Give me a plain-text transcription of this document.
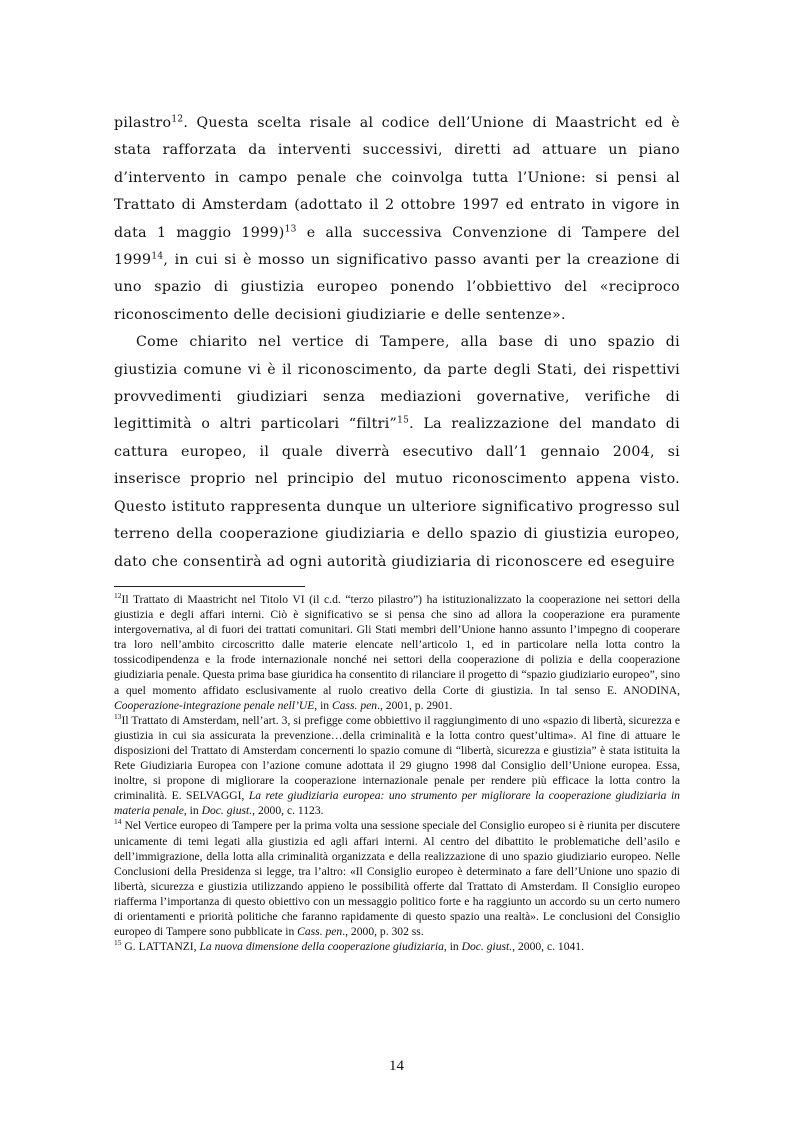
pilastro$^{12}$. Questa scelta risale al codice dell’Unione di Maastricht ed è stata rafforzata da interventi successivi, diretti ad attuare un piano d’intervento in campo penale che coinvolga tutta l’Unione: si pensi al Trattato di Amsterdam (adottato il 2 ottobre 1997 ed entrato in vigore in data 1 maggio 1999)$^{13}$ e alla successiva Convenzione di Tampere del 1999$^{14}$, in cui si è mosso un significativo passo avanti per la creazione di uno spazio di giustizia europeo ponendo l’obbiettivo del «reciproco riconoscimento delle decisioni giudiziarie e delle sentenze».

Come chiarito nel vertice di Tampere, alla base di uno spazio di giustizia comune vi è il riconoscimento, da parte degli Stati, dei rispettivi provvedimenti giudiziari senza mediazioni governative, verifiche di legittimità o altri particolari “filtri”$^{15}$. La realizzazione del mandato di cattura europeo, il quale diverrà esecutivo dall’1 gennaio 2004, si inserisce proprio nel principio del mutuo riconoscimento appena visto. Questo istituto rappresenta dunque un ulteriore significativo progresso sul terreno della cooperazione giudiziaria e dello spazio di giustizia europeo, dato che consentirà ad ogni autorità giudiziaria di riconoscere ed eseguire

$^{12}$Il Trattato di Maastricht nel Titolo VI (il c.d. “terzo pilastro”) ha istituzionalizzato la cooperazione nei settori della giustizia e degli affari interni. Ciò è significativo se si pensa che sino ad allora la cooperazione era puramente intergovernativa, al di fuori dei trattati comunitari. Gli Stati membri dell’Unione hanno assunto l’impegno di cooperare tra loro nell’ambito circoscritto dalle materie elencate nell’articolo 1, ed in particolare nella lotta contro la tossicodipendenza e la frode internazionale nonché nei settori della cooperazione di polizia e della cooperazione giudiziaria penale. Questa prima base giuridica ha consentito di rilanciare il progetto di “spazio giudiziario europeo”, sino a quel momento affidato esclusivamente al ruolo creativo della Corte di giustizia. In tal senso E. ANODINA, Cooperazione-integrazione penale nell’UE, in Cass. pen., 2001, p. 2901.

$^{13}$Il Trattato di Amsterdam, nell’art. 3, si prefigge come obbiettivo il raggiungimento di uno «spazio di libertà, sicurezza e giustizia in cui sia assicurata la prevenzione…della criminalità e la lotta contro quest’ultima». Al fine di attuare le disposizioni del Trattato di Amsterdam concernenti lo spazio comune di “libertà, sicurezza e giustizia” è stata istituita la Rete Giudiziaria Europea con l’azione comune adottata il 29 giugno 1998 dal Consiglio dell’Unione europea. Essa, inoltre, si propone di migliorare la cooperazione internazionale penale per rendere più efficace la lotta contro la criminalità. E. SELVAGGI, La rete giudiziaria europea: uno strumento per migliorare la cooperazione giudiziaria in materia penale, in Doc. giust., 2000, c. 1123.

$^{14}$ Nel Vertice europeo di Tampere per la prima volta una sessione speciale del Consiglio europeo si è riunita per discutere unicamente di temi legati alla giustizia ed agli affari interni. Al centro del dibattito le problematiche dell’asilo e dell’immigrazione, della lotta alla criminalità organizzata e della realizzazione di uno spazio giudiziario europeo. Nelle Conclusioni della Presidenza si legge, tra l’altro: «Il Consiglio europeo è determinato a fare dell’Unione uno spazio di libertà, sicurezza e giustizia utilizzando appieno le possibilità offerte dal Trattato di Amsterdam. Il Consiglio europeo riafferma l’importanza di questo obiettivo con un messaggio politico forte e ha raggiunto un accordo su un certo numero di orientamenti e priorità politiche che faranno rapidamente di questo spazio una realtà». Le conclusioni del Consiglio europeo di Tampere sono pubblicate in Cass. pen., 2000, p. 302 ss.

$^{15}$ G. LATTANZI, La nuova dimensione della cooperazione giudiziaria, in Doc. giust., 2000, c. 1041.

14
